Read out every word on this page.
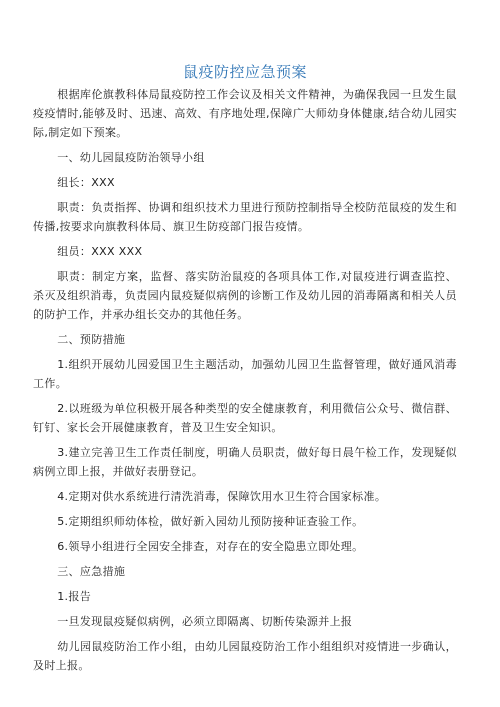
鼠疫防控应急预案

根据库伦旗教科体局鼠疫防控工作会议及相关文件精神，为确保我园一旦发生鼠疫疫情时,能够及时、迅速、高效、有序地处理,保障广大师幼身体健康,结合幼儿园实际,制定如下预案。

一、幼儿园鼠疫防治领导小组

组长：XXX

职责：负责指挥、协调和组织技术力里进行预防控制指导全校防范鼠疫的发生和传播,按要求向旗教科体局、旗卫生防疫部门报告疫情。

组员：XXX XXX

职责：制定方案，监督、落实防治鼠疫的各项具体工作,对鼠疫进行调查监控、杀灭及组织消毒，负责园内鼠疫疑似病例的诊断工作及幼儿园的消毒隔离和相关人员的防护工作，并承办组长交办的其他任务。

二、预防措施

1.组织开展幼儿园爱国卫生主题活动，加强幼儿园卫生监督管理，做好通风消毒工作。

2.以班级为单位积极开展各种类型的安全健康教育，利用微信公众号、微信群、钉钉、家长会开展健康教育，普及卫生安全知识。

3.建立完善卫生工作责任制度，明确人员职责，做好每日晨午检工作，发现疑似病例立即上报，并做好表册登记。

4.定期对供水系统进行清洗消毒，保障饮用水卫生符合国家标准。

5.定期组织师幼体检，做好新入园幼儿预防接种证查验工作。

6.领导小组进行全园安全排查，对存在的安全隐患立即处理。

三、应急措施

1.报告

一旦发现鼠疫疑似病例，必须立即隔离、切断传染源并上报

幼儿园鼠疫防治工作小组，由幼儿园鼠疫防治工作小组组织对疫情进一步确认，及时上报。
